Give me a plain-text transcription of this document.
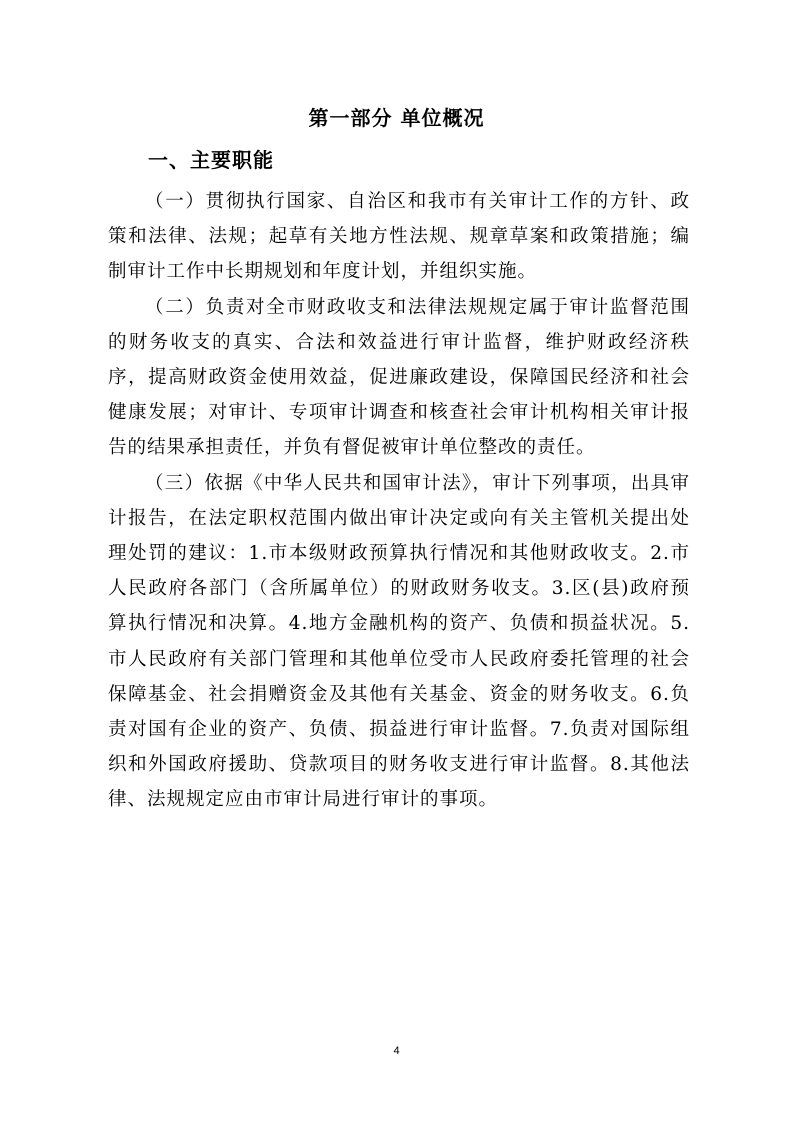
第一部分 单位概况
一、主要职能

（一）贯彻执行国家、自治区和我市有关审计工作的方针、政策和法律、法规；起草有关地方性法规、规章草案和政策措施；编制审计工作中长期规划和年度计划，并组织实施。

（二）负责对全市财政收支和法律法规规定属于审计监督范围的财务收支的真实、合法和效益进行审计监督，维护财政经济秩序，提高财政资金使用效益，促进廉政建设，保障国民经济和社会健康发展；对审计、专项审计调查和核查社会审计机构相关审计报告的结果承担责任，并负有督促被审计单位整改的责任。

（三）依据《中华人民共和国审计法》，审计下列事项，出具审计报告，在法定职权范围内做出审计决定或向有关主管机关提出处理处罚的建议：1.市本级财政预算执行情况和其他财政收支。2.市人民政府各部门（含所属单位）的财政财务收支。3.区(县)政府预算执行情况和决算。4.地方金融机构的资产、负债和损益状况。5.市人民政府有关部门管理和其他单位受市人民政府委托管理的社会保障基金、社会捐赠资金及其他有关基金、资金的财务收支。6.负责对国有企业的资产、负债、损益进行审计监督。7.负责对国际组织和外国政府援助、贷款项目的财务收支进行审计监督。8.其他法律、法规规定应由市审计局进行审计的事项。

4
